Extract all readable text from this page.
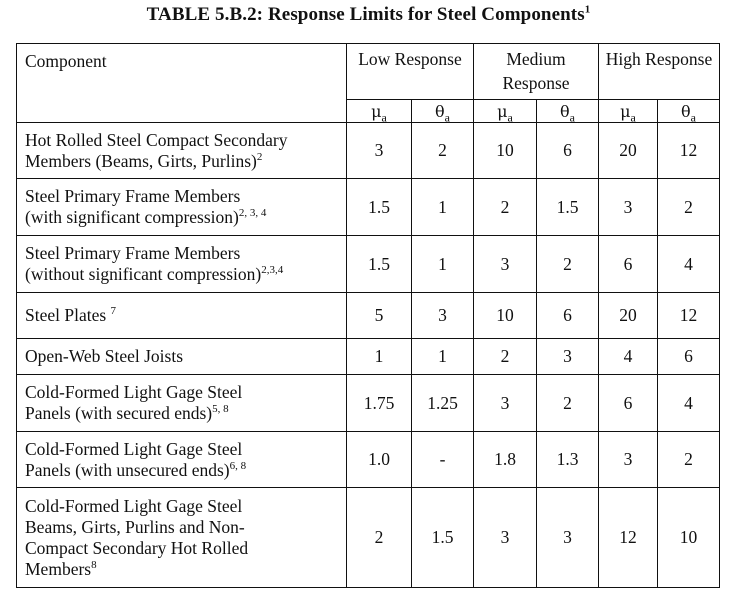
TABLE 5.B.2: Response Limits for Steel Components$^1$
Component	Low Response		Medium Response		High Response	
	$\mu_a$	$\theta_a$	$\mu_a$	$\theta_a$	$\mu_a$	$\theta_a$
Hot Rolled Steel Compact Secondary
Members (Beams, Girts, Purlins)$^2$	3	2	10	6	20	12
Steel Primary Frame Members
(with significant compression)$^{2, 3, 4}$	1.5	1	2	1.5	3	2
Steel Primary Frame Members
(without significant compression)$^{2,3,4}$	1.5	1	3	2	6	4
Steel Plates $^7$	5	3	10	6	20	12
Open-Web Steel Joists	1	1	2	3	4	6
Cold-Formed Light Gage Steel
Panels (with secured ends)$^{5, 8}$	1.75	1.25	3	2	6	4
Cold-Formed Light Gage Steel
Panels (with unsecured ends)$^{6, 8}$	1.0	-	1.8	1.3	3	2
Cold-Formed Light Gage Steel
Beams, Girts, Purlins and Non-
Compact Secondary Hot Rolled
Members$^8$	2	1.5	3	3	12	10
